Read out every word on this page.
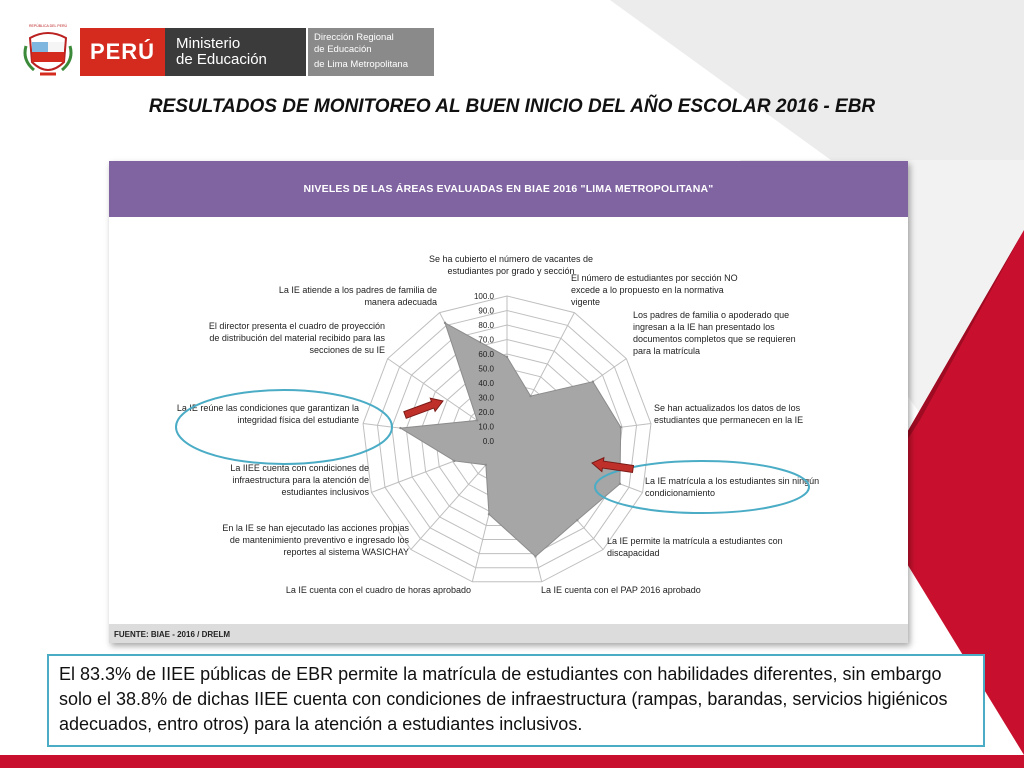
PERÚ	Ministerio
de Educación
Dirección Regional
de Educación
de Lima Metropolitana
REPÚBLICA DEL PERÚ
RESULTADOS DE MONITOREO AL BUEN INICIO DEL AÑO ESCOLAR 2016 - EBR
NIVELES DE LAS ÁREAS EVALUADAS EN BIAE 2016 "LIMA METROPOLITANA"
0.0
10.0
20.0
30.0
40.0
50.0
60.0
70.0
80.0
90.0
100.0
Se ha cubierto el número de vacantes de estudiantes por grado y sección
El número de estudiantes por sección NO excede a lo propuesto en la normativa vigente
Los padres de familia o apoderado que ingresan a la IE han presentado los documentos completos que se requieren para la matrícula
Se han actualizados los datos de los estudiantes que permanecen en la IE
La IE matrícula a los estudiantes sin ningún condicionamiento
La IE permite la matrícula a estudiantes con discapacidad
La IE cuenta con el PAP 2016 aprobado
La IE cuenta con el cuadro de horas aprobado
En la IE se han ejecutado las acciones propias de mantenimiento preventivo e ingresado los reportes al sistema WASICHAY
La IIEE cuenta con condiciones de infraestructura para la atención de estudiantes inclusivos
La IE reúne las condiciones que garantizan la integridad física del estudiante
El director presenta el cuadro de proyección de distribución del material recibido para las secciones de su IE
La IE atiende a los padres de familia de manera adecuada
FUENTE: BIAE - 2016 / DRELM
El 83.3% de IIEE públicas de EBR permite la matrícula de estudiantes con habilidades diferentes, sin embargo solo el 38.8% de dichas IIEE cuenta con condiciones de infraestructura (rampas, barandas, servicios higiénicos adecuados, entro otros) para la atención a estudiantes inclusivos.
